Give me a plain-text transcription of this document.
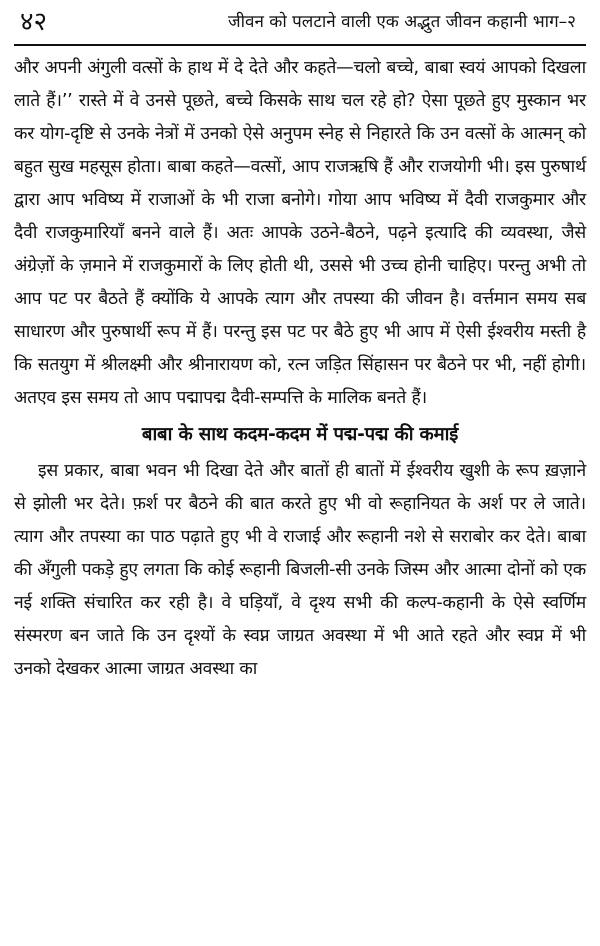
४२	जीवन को पलटाने वाली एक अद्भुत जीवन कहानी भाग–२

और अपनी अंगुली वत्सों के हाथ में दे देते और कहते—चलो बच्चे, बाबा स्वयं आपको दिखला लाते हैं।’’ रास्ते में वे उनसे पूछते, बच्चे किसके साथ चल रहे हो? ऐसा पूछते हुए मुस्कान भर कर योग-दृष्टि से उनके नेत्रों में उनको ऐसे अनुपम स्नेह से निहारते कि उन वत्सों के आत्मन् को बहुत सुख महसूस होता। बाबा कहते—वत्सों, आप राजऋषि हैं और राजयोगी भी। इस पुरुषार्थ द्वारा आप भविष्य में राजाओं के भी राजा बनोगे। गोया आप भविष्य में दैवी राजकुमार और दैवी राजकुमारियाँ बनने वाले हैं। अतः आपके उठने-बैठने, पढ़ने इत्यादि की व्यवस्था, जैसे अंग्रेज़ों के ज़माने में राजकुमारों के लिए होती थी, उससे भी उच्च होनी चाहिए। परन्तु अभी तो आप पट पर बैठते हैं क्योंकि ये आपके त्याग और तपस्या की जीवन है। वर्त्तमान समय सब साधारण और पुरुषार्थी रूप में हैं। परन्तु इस पट पर बैठे हुए भी आप में ऐसी ईश्वरीय मस्ती है कि सतयुग में श्रीलक्ष्मी और श्रीनारायण को, रत्न जड़ित सिंहासन पर बैठने पर भी, नहीं होगी। अतएव इस समय तो आप पद्मापद्म दैवी-सम्पत्ति के मालिक बनते हैं।

बाबा के साथ कदम-कदम में पद्म-पद्म की कमाई

इस प्रकार, बाबा भवन भी दिखा देते और बातों ही बातों में ईश्वरीय खुशी के रूप ख़ज़ाने से झोली भर देते। फ़र्श पर बैठने की बात करते हुए भी वो रूहानियत के अर्श पर ले जाते। त्याग और तपस्या का पाठ पढ़ाते हुए भी वे राजाई और रूहानी नशे से सराबोर कर देते। बाबा की अँगुली पकड़े हुए लगता कि कोई रूहानी बिजली-सी उनके जिस्म और आत्मा दोनों को एक नई शक्ति संचारित कर रही है। वे घड़ियाँ, वे दृश्य सभी की कल्प-कहानी के ऐसे स्वर्णिम संस्मरण बन जाते कि उन दृश्यों के स्वप्न जाग्रत अवस्था में भी आते रहते और स्वप्न में भी उनको देखकर आत्मा जाग्रत अवस्था का
